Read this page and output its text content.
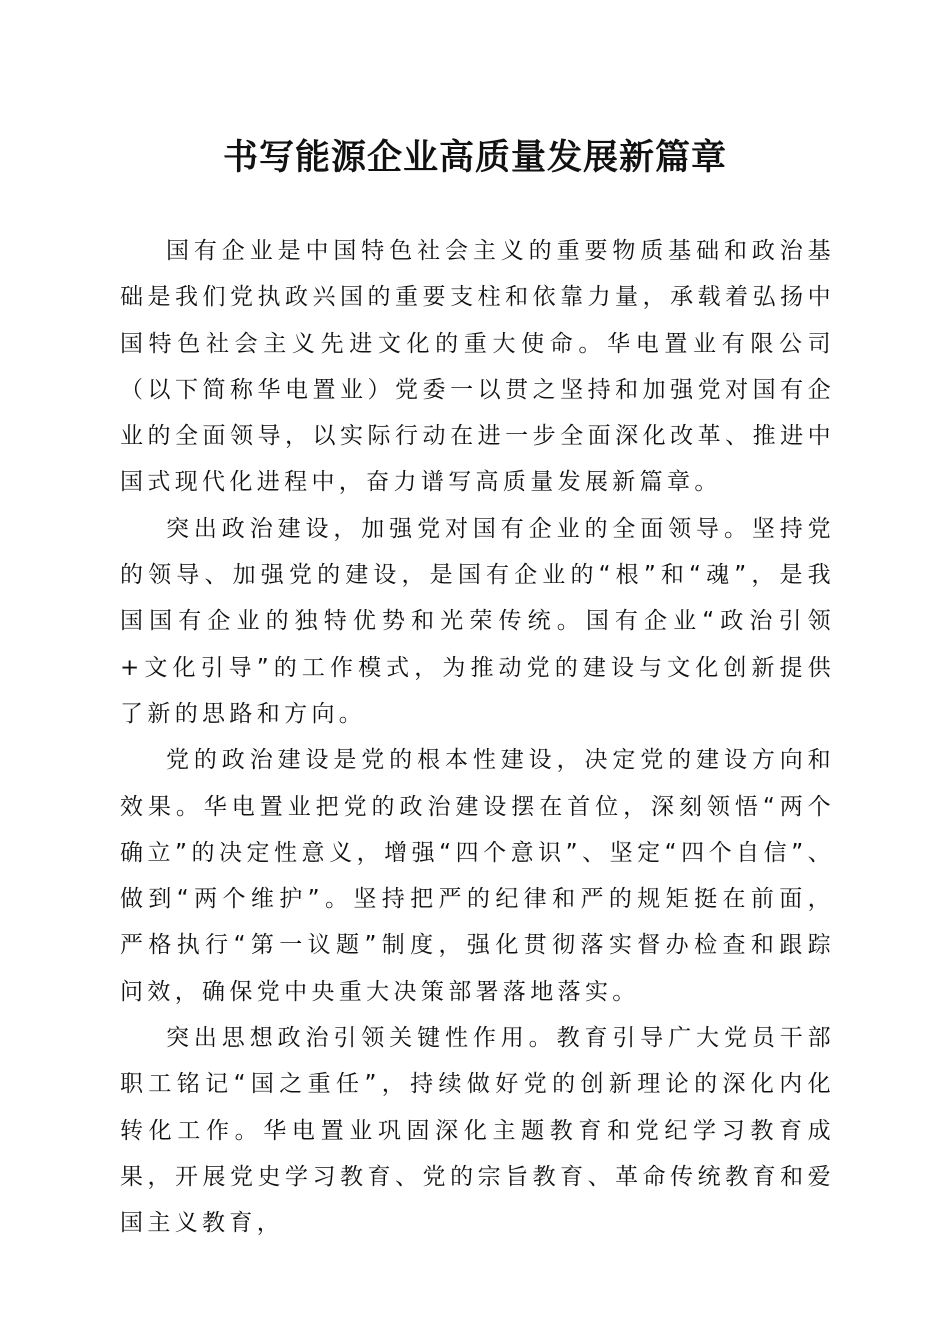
书写能源企业高质量发展新篇章

国有企业是中国特色社会主义的重要物质基础和政治基础是我们党执政兴国的重要支柱和依靠力量，承载着弘扬中国特色社会主义先进文化的重大使命。华电置业有限公司（以下简称华电置业）党委一以贯之坚持和加强党对国有企业的全面领导，以实际行动在进一步全面深化改革、推进中国式现代化进程中，奋力谱写高质量发展新篇章。

突出政治建设，加强党对国有企业的全面领导。坚持党的领导、加强党的建设，是国有企业的“根”和“魂”，是我国国有企业的独特优势和光荣传统。国有企业“政治引领+文化引导”的工作模式，为推动党的建设与文化创新提供了新的思路和方向。

党的政治建设是党的根本性建设，决定党的建设方向和效果。华电置业把党的政治建设摆在首位，深刻领悟“两个确立”的决定性意义，增强“四个意识”、坚定“四个自信”、做到“两个维护”。坚持把严的纪律和严的规矩挺在前面，严格执行“第一议题”制度，强化贯彻落实督办检查和跟踪问效，确保党中央重大决策部署落地落实。

突出思想政治引领关键性作用。教育引导广大党员干部职工铭记“国之重任”，持续做好党的创新理论的深化内化转化工作。华电置业巩固深化主题教育和党纪学习教育成果，开展党史学习教育、党的宗旨教育、革命传统教育和爱国主义教育，
